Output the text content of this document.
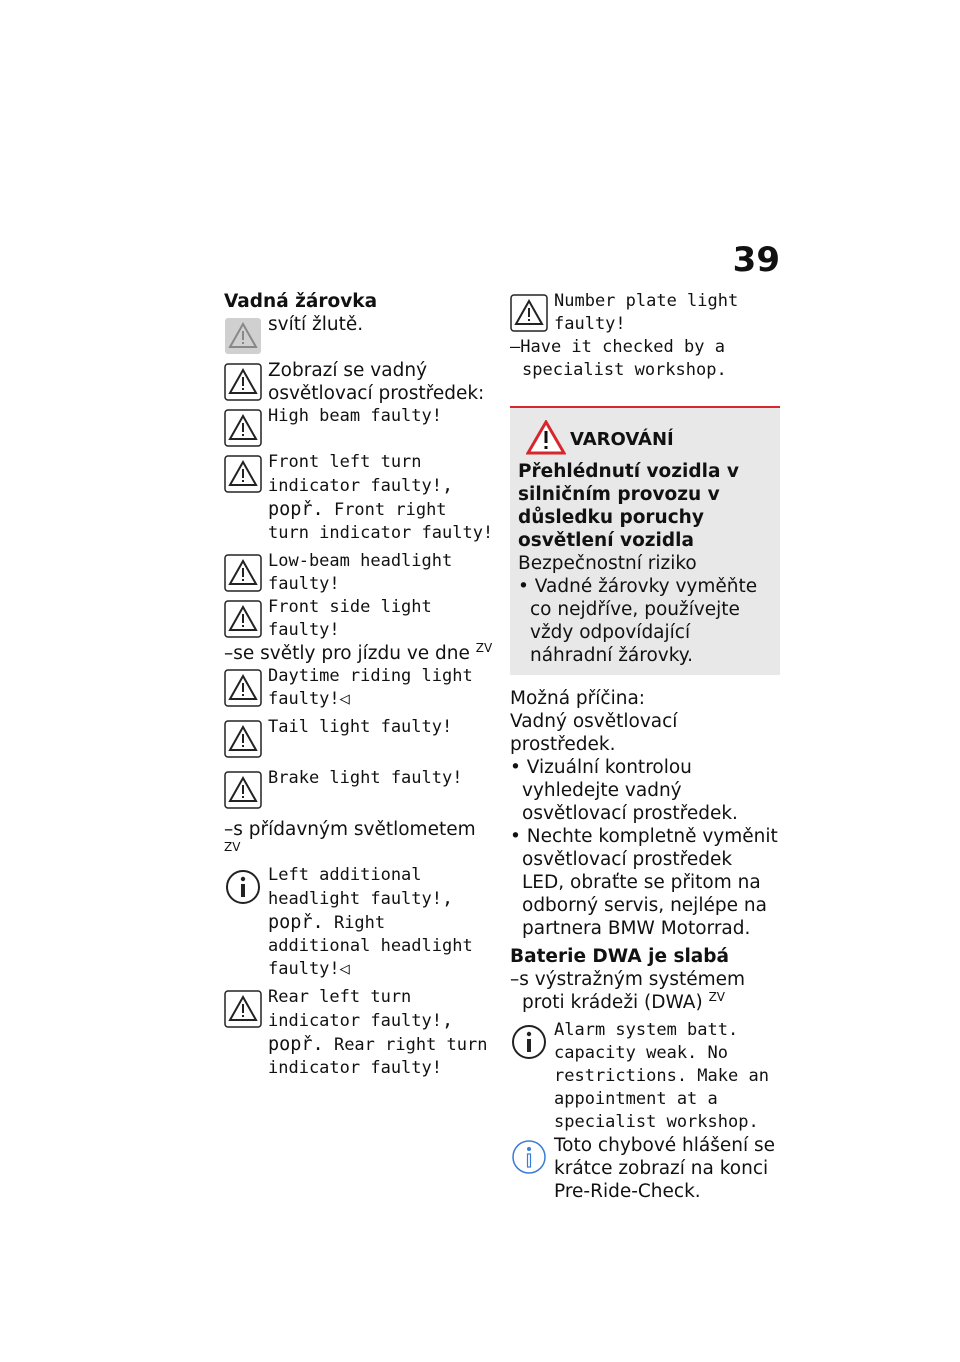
39
Vadná žárovka
svítí žlutě.
Zobrazí se vadný osvětlovací prostředek:
High beam faulty!
Front left turn indicator faulty!, popř. Front right turn indicator faulty!
Low-beam headlight faulty!
Front side light faulty!
–se světly pro jízdu ve dne $^{ZV}$
Daytime riding light faulty!◁
Tail light faulty!
Brake light faulty!
–s přídavným světlometem $^{ZV}$
Left additional headlight faulty!, popř. Right additional headlight faulty!◁
Rear left turn indicator faulty!, popř. Rear right turn indicator faulty!
Number plate light faulty!
–Have it checked by a specialist workshop.
VAROVÁNÍ
Přehlédnutí vozidla v silničním provozu v důsledku poruchy osvětlení vozidla
Bezpečnostní riziko
• Vadné žárovky vyměňte co nejdříve, používejte vždy odpovídající náhradní žárovky.
Možná příčina:
Vadný osvětlovací prostředek.
• Vizuální kontrolou vyhledejte vadný osvětlovací prostředek.
• Nechte kompletně vyměnit osvětlovací prostředek LED, obraťte se přitom na odborný servis, nejlépe na partnera BMW Motorrad.
Baterie DWA je slabá
–s výstražným systémem proti krádeži (DWA) $^{ZV}$
Alarm system batt. capacity weak. No restrictions. Make an appointment at a specialist workshop.
Toto chybové hlášení se krátce zobrazí na konci Pre-Ride-Check.
